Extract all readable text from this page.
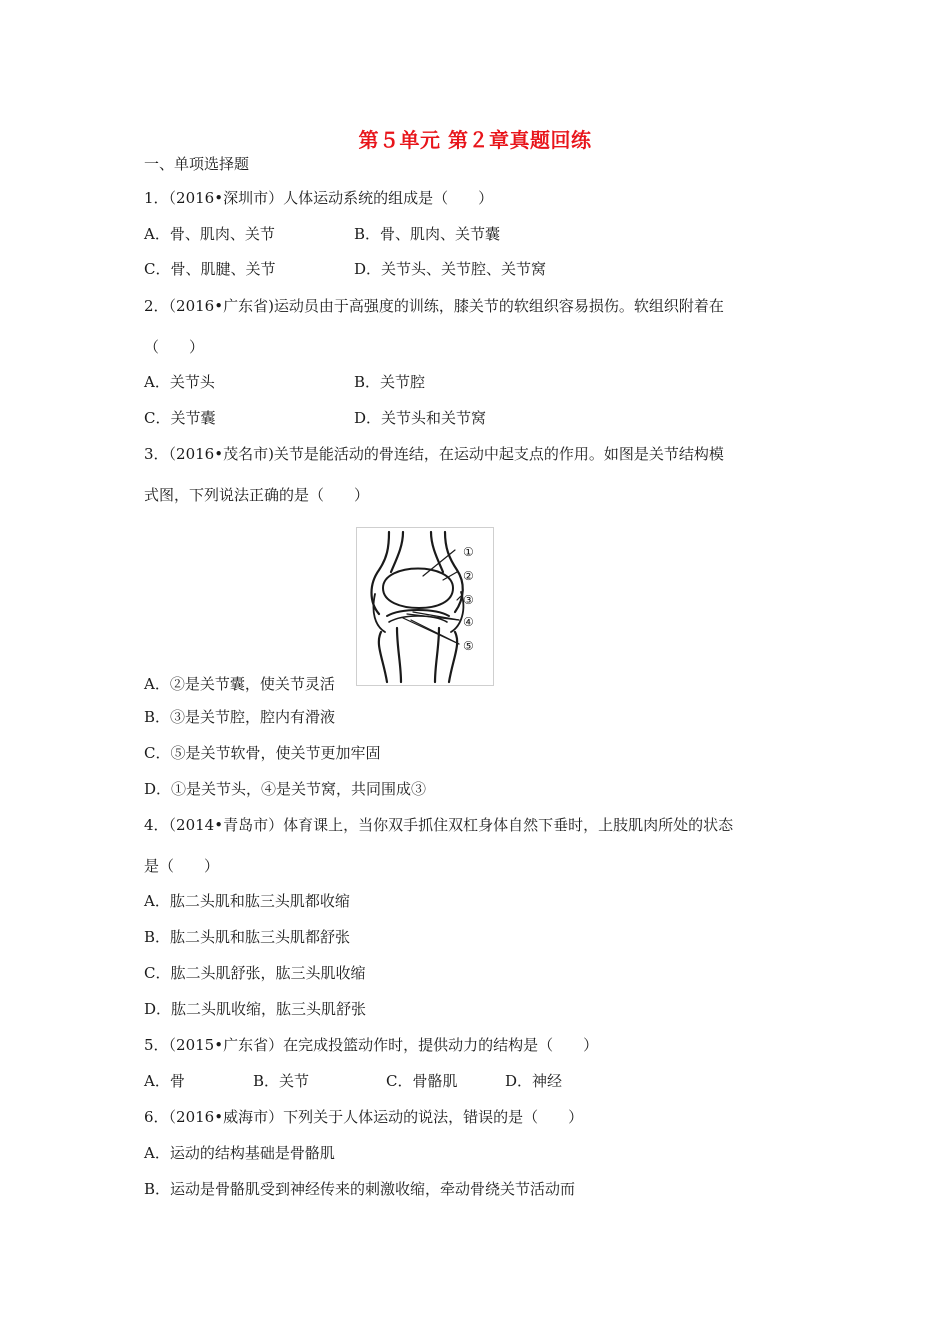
第５单元 第２章真题回练
一、单项选择题
1．（2016•深圳市）人体运动系统的组成是（　　）
A．骨、肌肉、关节	B．骨、肌肉、关节囊
C．骨、肌腱、关节	D．关节头、关节腔、关节窝
2．（2016•广东省)运动员由于高强度的训练，膝关节的软组织容易损伤。软组织附着在
（　　）
A．关节头	B．关节腔
C．关节囊	D．关节头和关节窝
3．（2016•茂名市)关节是能活动的骨连结，在运动中起支点的作用。如图是关节结构模
式图，下列说法正确的是（　　）
①
②
③
④
⑤
A．②是关节囊，使关节灵活
B．③是关节腔，腔内有滑液
C．⑤是关节软骨，使关节更加牢固
D．①是关节头，④是关节窝，共同围成③
4．（2014•青岛市）体育课上，当你双手抓住双杠身体自然下垂时，上肢肌肉所处的状态
是（　　）
A．肱二头肌和肱三头肌都收缩
B．肱二头肌和肱三头肌都舒张
C．肱二头肌舒张，肱三头肌收缩
D．肱二头肌收缩，肱三头肌舒张
5．（2015•广东省）在完成投篮动作时，提供动力的结构是（　　）
A．骨	B．关节	C．骨骼肌	D．神经
6．（2016•威海市）下列关于人体运动的说法，错误的是（　　）
A．运动的结构基础是骨骼肌
B．运动是骨骼肌受到神经传来的刺激收缩，牵动骨绕关节活动而
